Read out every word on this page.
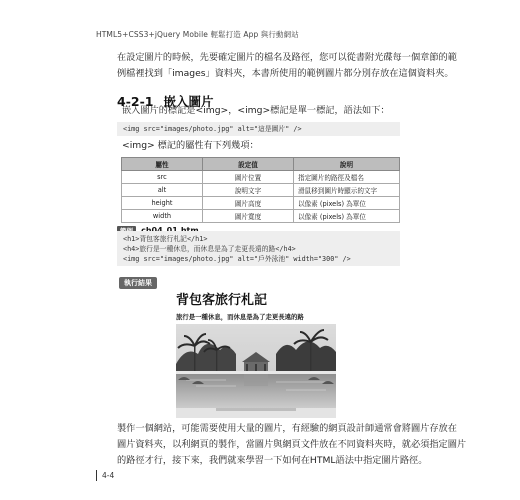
HTML5+CSS3+jQuery Mobile 輕鬆打造 App 與行動網站
在設定圖片的時候，先要確定圖片的檔名及路徑，您可以從書附光碟每一個章節的範
例檔裡找到「images」資料夾，本書所使用的範例圖片都分別存放在這個資料夾。
4-2-1 嵌入圖片
嵌入圖片的標記是<img>，<img>標記是單一標記，語法如下：
<img src="images/photo.jpg" alt="這是圖片" />
<img> 標記的屬性有下列幾項：
屬性	設定值	說明
src	圖片位置	指定圖片的路徑及檔名
alt	說明文字	滑鼠移到圖片時顯示的文字
height	圖片高度	以像素 (pixels) 為單位
width	圖片寬度	以像素 (pixels) 為單位
<h1>背包客旅行札記</h1>
<h4>旅行是一種休息，而休息是為了走更長遠的路</h4>
<img src="images/photo.jpg" alt="戶外泳池" width="300" />
執行結果
背包客旅行札記
旅行是一種休息，而休息是為了走更長遠的路
製作一個網站，可能需要使用大量的圖片，有經驗的網頁設計師通常會將圖片存放在
圖片資料夾，以利網頁的製作，當圖片與網頁文件放在不同資料夾時，就必須指定圖片
的路徑才行，接下來，我們就來學習一下如何在HTML語法中指定圖片路徑。
4-4
